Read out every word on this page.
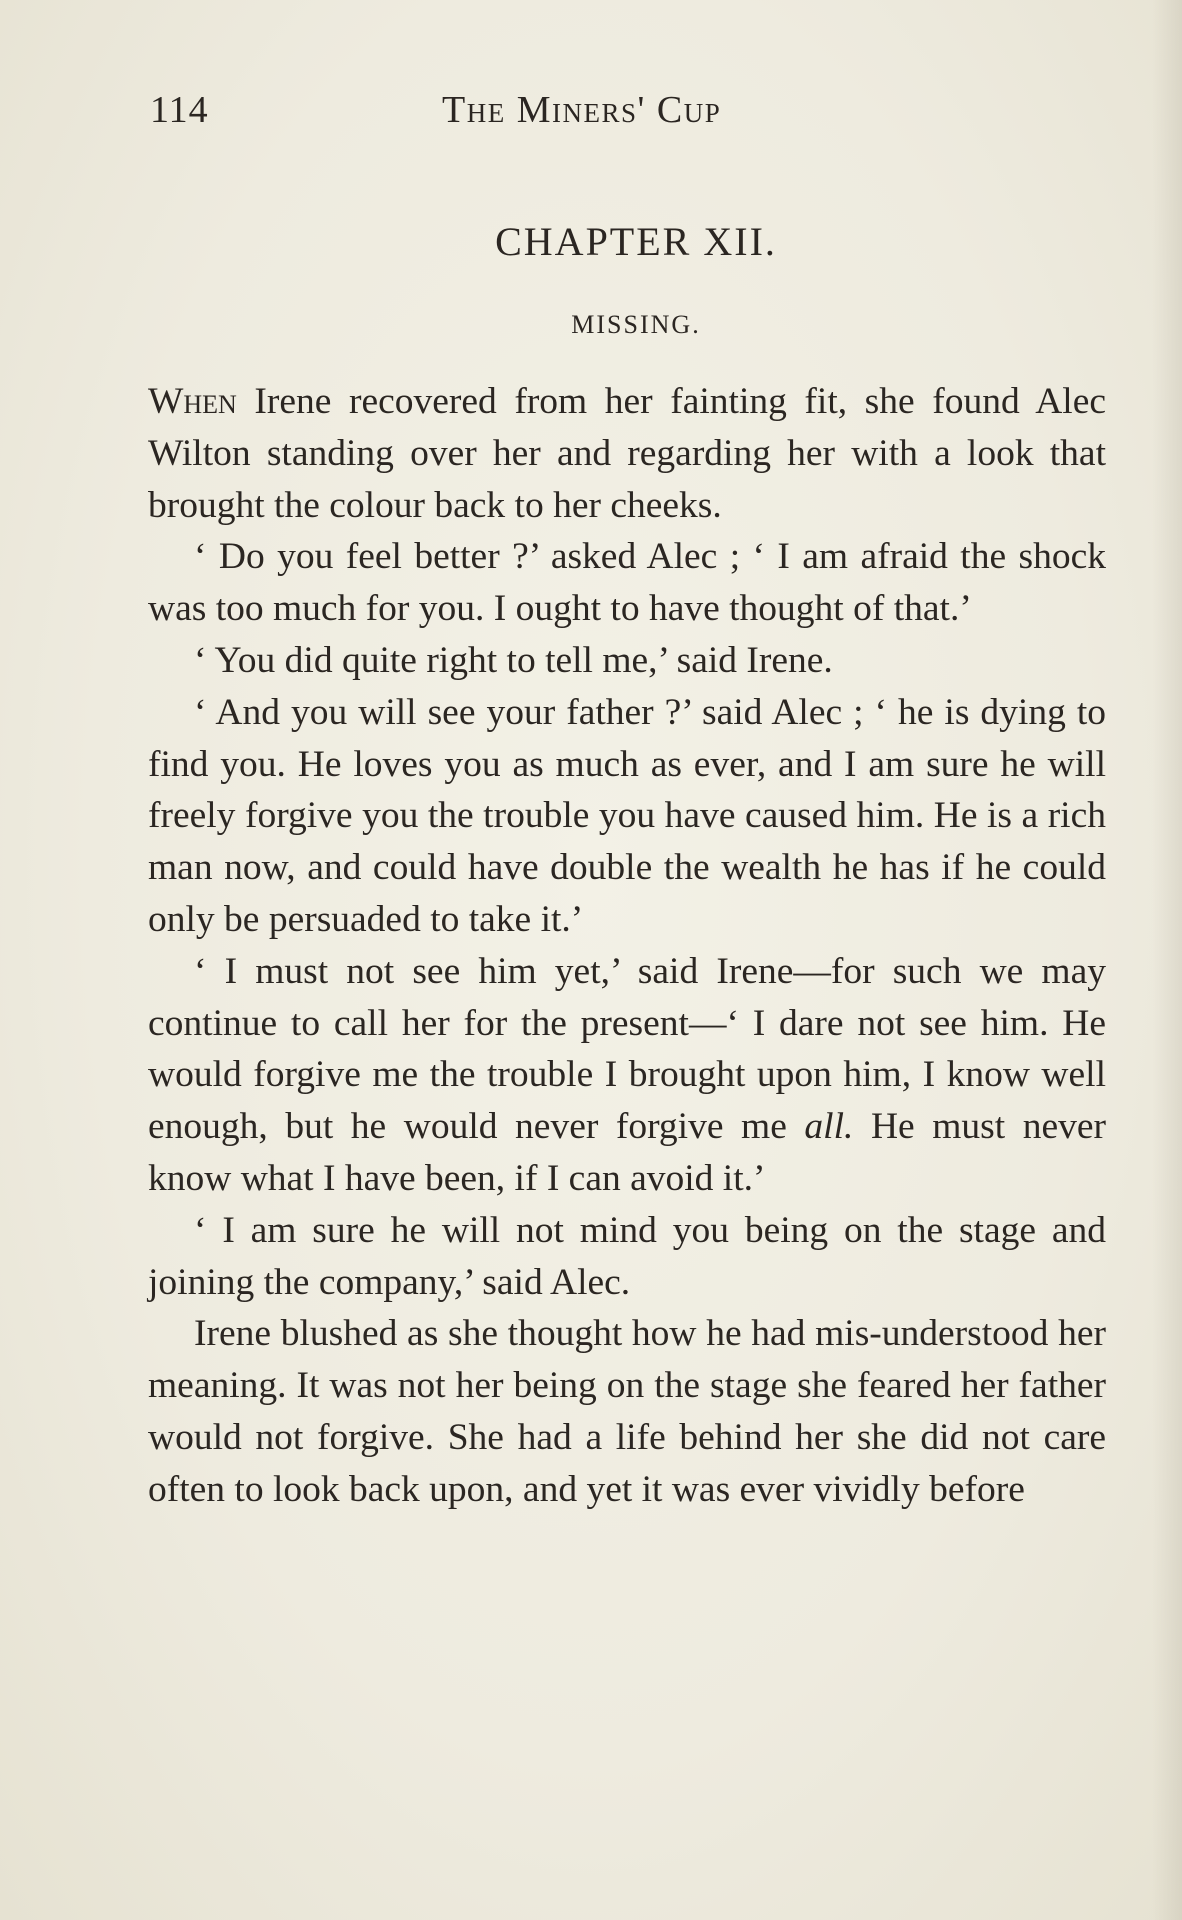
114	The Miners' Cup
CHAPTER XII.
MISSING.

When Irene recovered from her fainting fit, she found Alec Wilton standing over her and regarding her with a look that brought the colour back to her cheeks.

‘ Do you feel better ?’ asked Alec ; ‘ I am afraid the shock was too much for you. I ought to have thought of that.’

‘ You did quite right to tell me,’ said Irene.

‘ And you will see your father ?’ said Alec ; ‘ he is dying to find you. He loves you as much as ever, and I am sure he will freely forgive you the trouble you have caused him. He is a rich man now, and could have double the wealth he has if he could only be persuaded to take it.’

‘ I must not see him yet,’ said Irene—for such we may continue to call her for the present—‘ I dare not see him. He would forgive me the trouble I brought upon him, I know well enough, but he would never forgive me all. He must never know what I have been, if I can avoid it.’

‘ I am sure he will not mind you being on the stage and joining the company,’ said Alec.

Irene blushed as she thought how he had mis-understood her meaning. It was not her being on the stage she feared her father would not forgive. She had a life behind her she did not care often to look back upon, and yet it was ever vividly before
